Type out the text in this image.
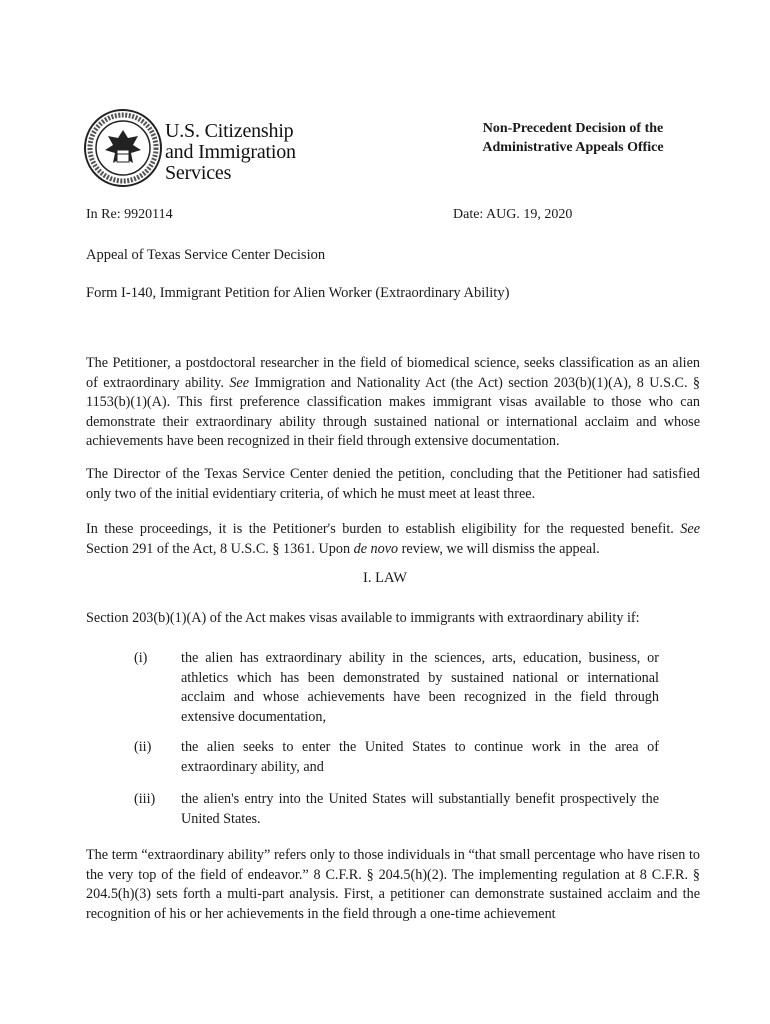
U.S. Citizenship
and Immigration
Services
Non-Precedent Decision of the
Administrative Appeals Office
In Re: 9920114	Date: AUG. 19, 2020
Appeal of Texas Service Center Decision
Form I-140, Immigrant Petition for Alien Worker (Extraordinary Ability)
The Petitioner, a postdoctoral researcher in the field of biomedical science, seeks classification as an alien of extraordinary ability. See Immigration and Nationality Act (the Act) section 203(b)(1)(A), 8 U.S.C. § 1153(b)(1)(A). This first preference classification makes immigrant visas available to those who can demonstrate their extraordinary ability through sustained national or international acclaim and whose achievements have been recognized in their field through extensive documentation.
The Director of the Texas Service Center denied the petition, concluding that the Petitioner had satisfied only two of the initial evidentiary criteria, of which he must meet at least three.
In these proceedings, it is the Petitioner's burden to establish eligibility for the requested benefit. See Section 291 of the Act, 8 U.S.C. § 1361. Upon de novo review, we will dismiss the appeal.
I. LAW
Section 203(b)(1)(A) of the Act makes visas available to immigrants with extraordinary ability if:
(i)	the alien has extraordinary ability in the sciences, arts, education, business, or athletics which has been demonstrated by sustained national or international acclaim and whose achievements have been recognized in the field through extensive documentation,
(ii)	the alien seeks to enter the United States to continue work in the area of extraordinary ability, and
(iii)	the alien's entry into the United States will substantially benefit prospectively the United States.
The term “extraordinary ability” refers only to those individuals in “that small percentage who have risen to the very top of the field of endeavor.” 8 C.F.R. § 204.5(h)(2). The implementing regulation at 8 C.F.R. § 204.5(h)(3) sets forth a multi-part analysis. First, a petitioner can demonstrate sustained acclaim and the recognition of his or her achievements in the field through a one-time achievement
